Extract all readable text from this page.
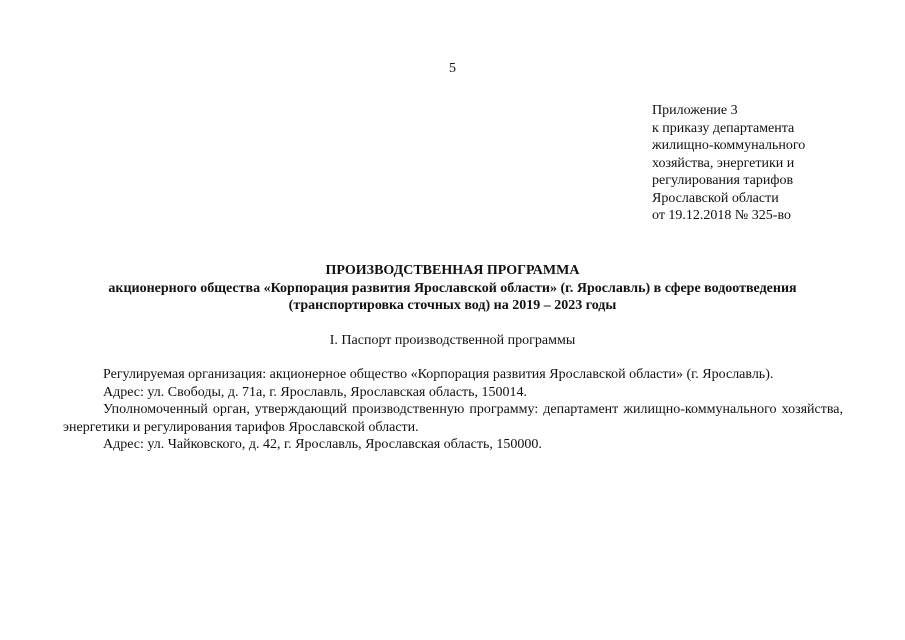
5
Приложение 3
к приказу департамента
жилищно-коммунального
хозяйства, энергетики и
регулирования тарифов
Ярославской области
от 19.12.2018 № 325-во
ПРОИЗВОДСТВЕННАЯ ПРОГРАММА
акционерного общества «Корпорация развития Ярославской области» (г. Ярославль) в сфере водоотведения
(транспортировка сточных вод) на 2019 – 2023 годы
I. Паспорт производственной программы

Регулируемая организация: акционерное общество «Корпорация развития Ярославской области» (г. Ярославль).

Адрес: ул. Свободы, д. 71а, г. Ярославль, Ярославская область, 150014.

Уполномоченный орган, утверждающий производственную программу: департамент жилищно-коммунального хозяйства, энергетики и регулирования тарифов Ярославской области.

Адрес: ул. Чайковского, д. 42, г. Ярославль, Ярославская область, 150000.
